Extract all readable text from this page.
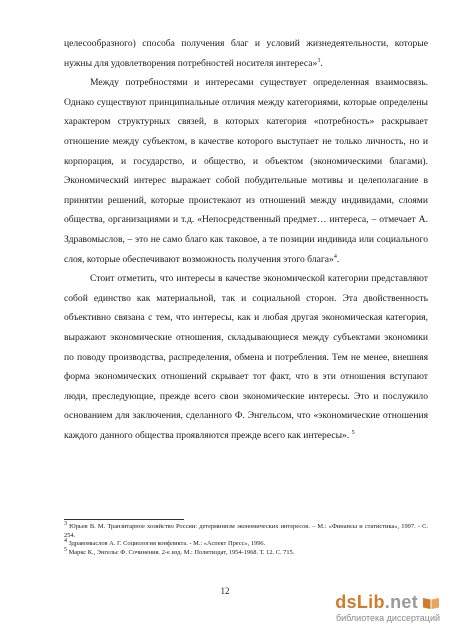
целесообразного) способа получения благ и условий жизнедеятельности, которые нужны для удовлетворения потребностей носителя интереса»$^3$.

Между потребностями и интересами существует определенная взаимосвязь. Однако существуют принципиальные отличия между категориями, которые определены характером структурных связей, в которых категория «потребность» раскрывает отношение между субъектом, в качестве которого выступает не только личность, но и корпорация, и государство, и общество, и объектом (экономическими благами). Экономический интерес выражает собой побудительные мотивы и целеполагание в принятии решений, которые проистекают из отношений между индивидами, слоями общества, организациями и т.д. «Непосредственный предмет… интереса, – отмечает А. Здравомыслов, – это не само благо как таковое, а те позиции индивида или социального слоя, которые обеспечивают возможность получения этого блага»$^4$.

Стоит отметить, что интересы в качестве экономической категории представляют собой единство как материальной, так и социальной сторон. Эта двойственность объективно связана с тем, что интересы, как и любая другая экономическая категория, выражают экономические отношения, складывающиеся между субъектами экономики по поводу производства, распределения, обмена и потребления. Тем не менее, внешняя форма экономических отношений скрывает тот факт, что в эти отношения вступают люди, преследующие, прежде всего свои экономические интересы. Это и послужило основанием для заключения, сделанного Ф. Энгельсом, что «экономические отношения каждого данного общества проявляются прежде всего как интересы». $^5$

$^3$ Юрьев В. М. Транзитарное хозяйство России: детерминизм экономических интересов. – М.: «Финансы и статистика», 1997. - С. 254.

$^4$ Здравомыслов А. Г. Социология конфликта. - М.: «Аспект Пресс», 1996.

$^5$ Маркс К., Энгельс Ф. Сочинения. 2-е изд. М.: Политиздат, 1954-1968. Т. 12. С. 715.

12
dsLib.net
библиотека диссертаций
